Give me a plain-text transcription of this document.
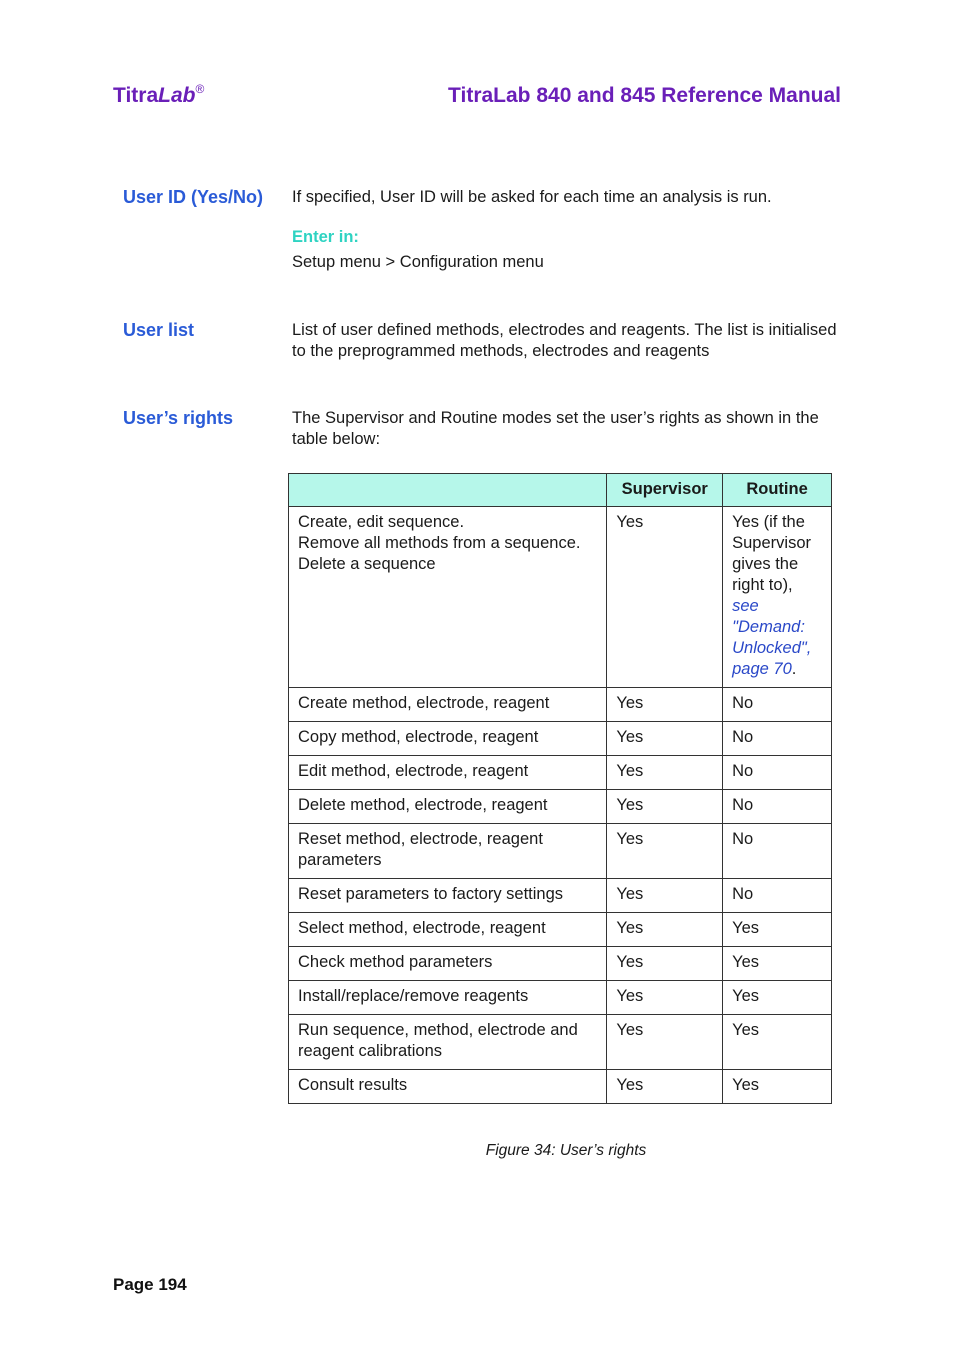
TitraLab®	TitraLab 840 and 845 Reference Manual
User ID (Yes/No) If specified, User ID will be asked for each time an analysis is run.
Enter in:
Setup menu > Configuration menu
User list	List of user defined methods, electrodes and reagents. The list is initialised to the preprogrammed methods, electrodes and reagents
User’s rights	The Supervisor and Routine modes set the user’s rights as shown in the table below:
	Supervisor	Routine

Create, edit sequence.
Remove all methods from a sequence.
Delete a sequence	Yes	Yes (if the Supervisor gives the right to), see "Demand: Unlocked", page 70.
Create method, electrode, reagent	Yes	No
Copy method, electrode, reagent	Yes	No
Edit method, electrode, reagent	Yes	No
Delete method, electrode, reagent	Yes	No
Reset method, electrode, reagent parameters	Yes	No
Reset parameters to factory settings	Yes	No
Select method, electrode, reagent	Yes	Yes
Check method parameters	Yes	Yes
Install/replace/remove reagents	Yes	Yes
Run sequence, method, electrode and reagent calibrations	Yes	Yes
Consult results	Yes	Yes
Figure 34: User’s rights
Page 194
